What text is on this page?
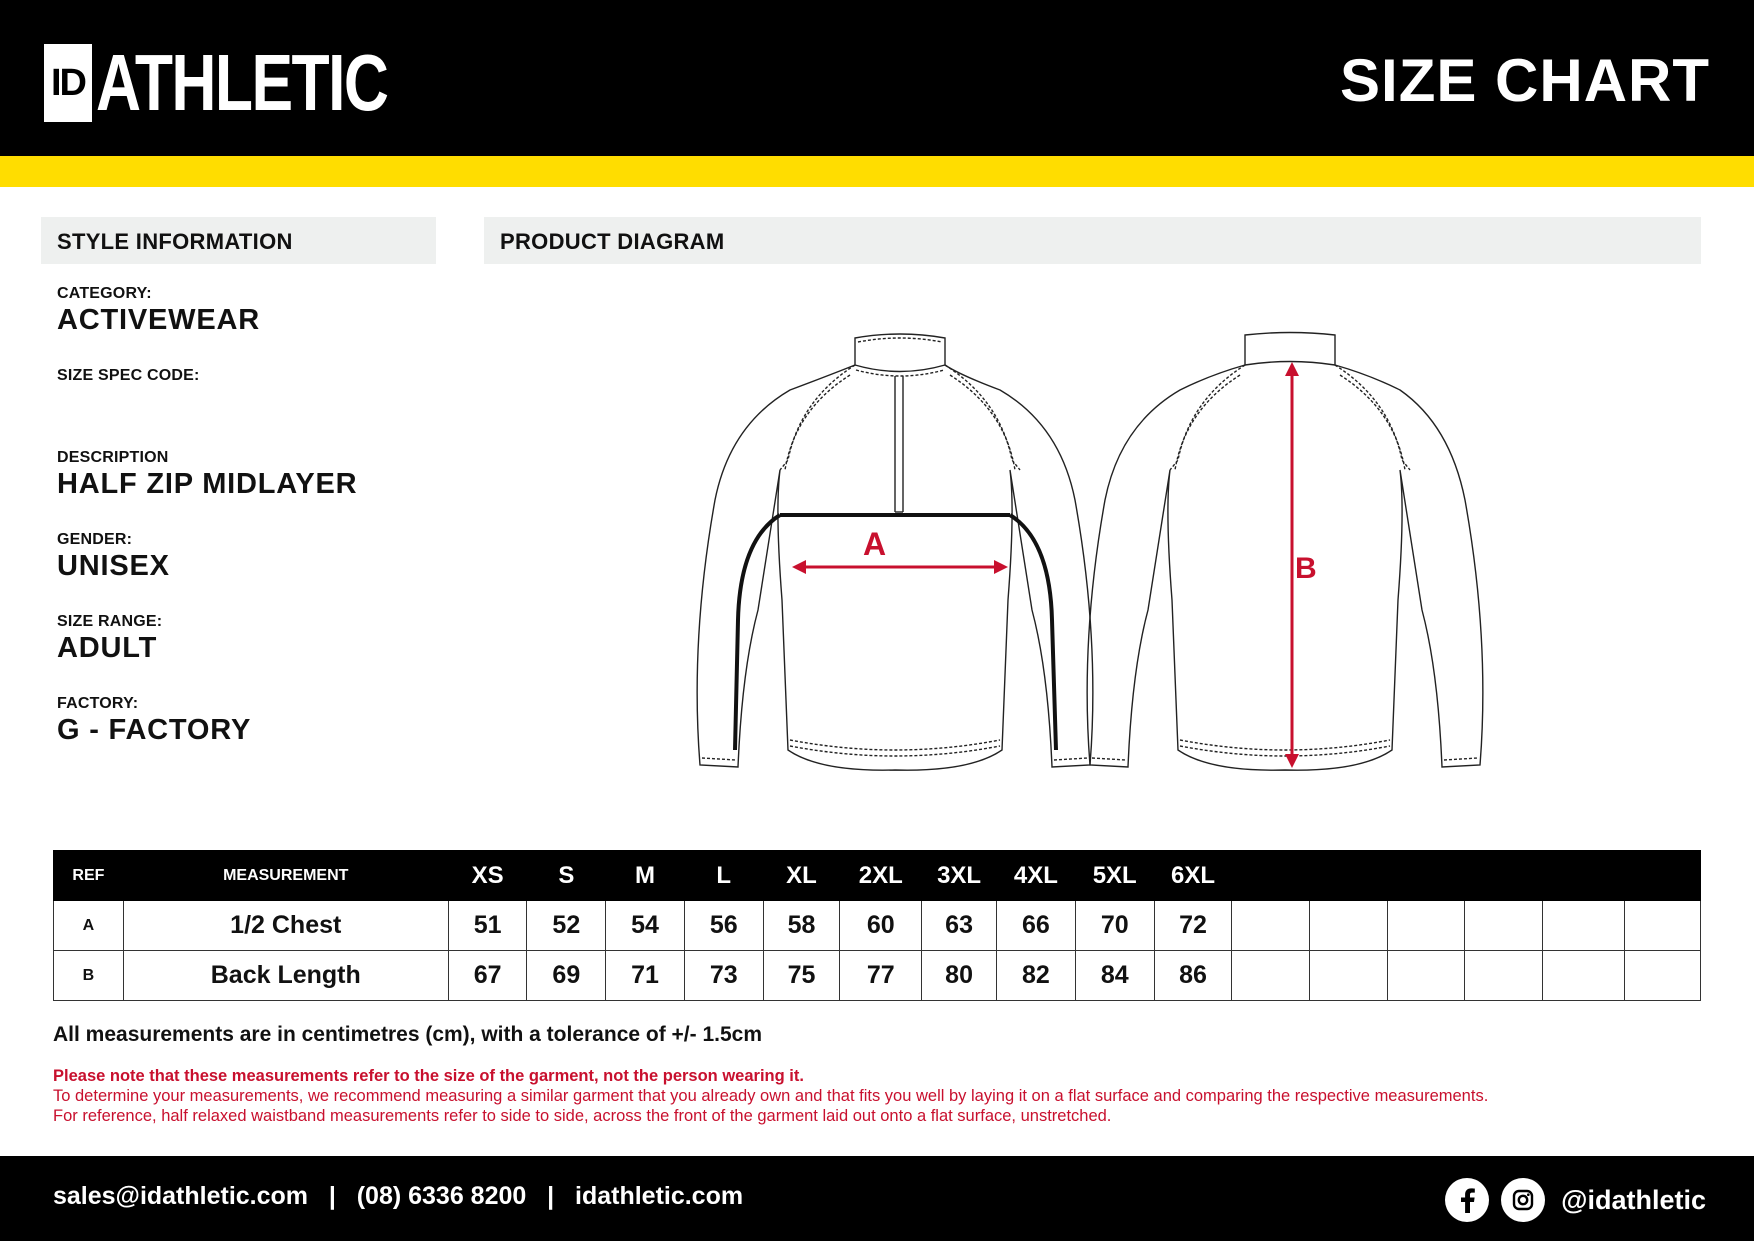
ID ATHLETIC	SIZE CHART
STYLE INFORMATION
CATEGORY:
ACTIVEWEAR
SIZE SPEC CODE:
DESCRIPTION
HALF ZIP MIDLAYER
GENDER:
UNISEX
SIZE RANGE:
ADULT
FACTORY:
G - FACTORY
PRODUCT DIAGRAM
A
B
REF	MEASUREMENT	XS	S	M	L	XL	2XL	3XL	4XL	5XL	6XL						
A	1/2 Chest	51	52	54	56	58	60	63	66	70	72						
B	Back Length	67	69	71	73	75	77	80	82	84	86						
All measurements are in centimetres (cm), with a tolerance of +/- 1.5cm
Please note that these measurements refer to the size of the garment, not the person wearing it.
To determine your measurements, we recommend measuring a similar garment that you already own and that fits you well by laying it on a flat surface and comparing the respective measurements.
For reference, half relaxed waistband measurements refer to side to side, across the front of the garment laid out onto a flat surface, unstretched.
sales@idathletic.com | (08) 6336 8200 | idathletic.com	@idathletic
